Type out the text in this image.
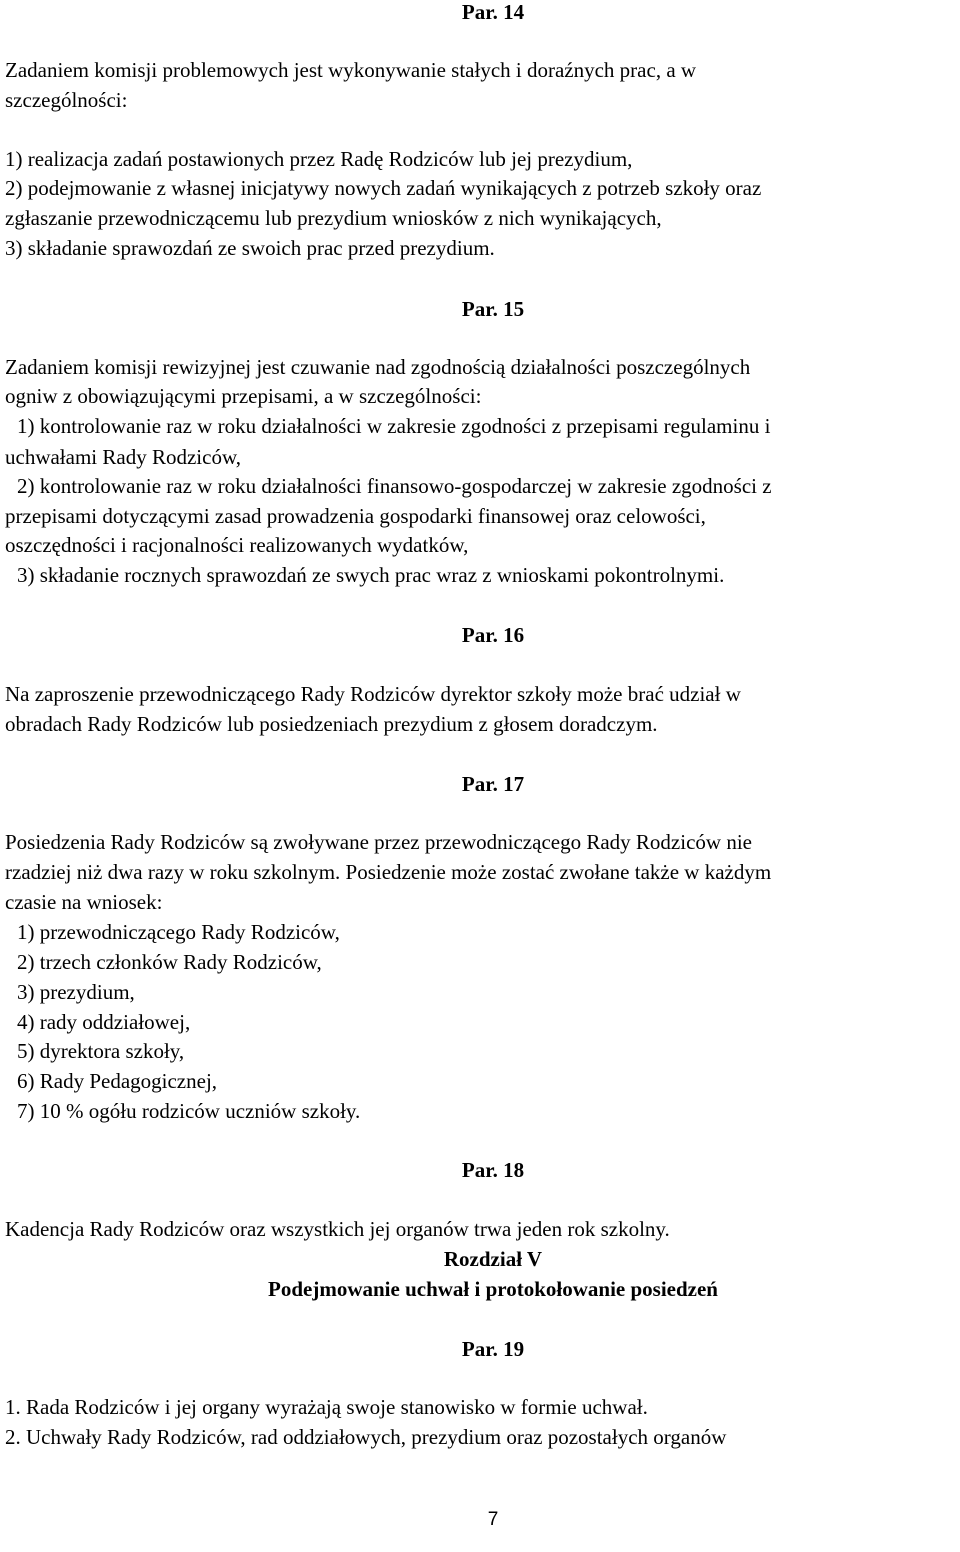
Par. 14
Zadaniem komisji problemowych jest wykonywanie stałych i doraźnych prac, a w
szczególności:
1) realizacja zadań postawionych przez Radę Rodziców lub jej prezydium,
2) podejmowanie z własnej inicjatywy nowych zadań wynikających z potrzeb szkoły oraz
zgłaszanie przewodniczącemu lub prezydium wniosków z nich wynikających,
3) składanie sprawozdań ze swoich prac przed prezydium.
Par. 15
Zadaniem komisji rewizyjnej jest czuwanie nad zgodnością działalności poszczególnych
ogniw z obowiązującymi przepisami, a w szczególności:
1) kontrolowanie raz w roku działalności w zakresie zgodności z przepisami regulaminu i
uchwałami Rady Rodziców,
2) kontrolowanie raz w roku działalności finansowo-gospodarczej w zakresie zgodności z
przepisami dotyczącymi zasad prowadzenia gospodarki finansowej oraz celowości,
oszczędności i racjonalności realizowanych wydatków,
3) składanie rocznych sprawozdań ze swych prac wraz z wnioskami pokontrolnymi.
Par. 16
Na zaproszenie przewodniczącego Rady Rodziców dyrektor szkoły może brać udział w
obradach Rady Rodziców lub posiedzeniach prezydium z głosem doradczym.
Par. 17
Posiedzenia Rady Rodziców są zwoływane przez przewodniczącego Rady Rodziców nie
rzadziej niż dwa razy w roku szkolnym. Posiedzenie może zostać zwołane także w każdym
czasie na wniosek:
1) przewodniczącego Rady Rodziców,
2) trzech członków Rady Rodziców,
3) prezydium,
4) rady oddziałowej,
5) dyrektora szkoły,
6) Rady Pedagogicznej,
7) 10 % ogółu rodziców uczniów szkoły.
Par. 18
Kadencja Rady Rodziców oraz wszystkich jej organów trwa jeden rok szkolny.
Rozdział V
Podejmowanie uchwał i protokołowanie posiedzeń
Par. 19
1. Rada Rodziców i jej organy wyrażają swoje stanowisko w formie uchwał.
2. Uchwały Rady Rodziców, rad oddziałowych, prezydium oraz pozostałych organów
7
